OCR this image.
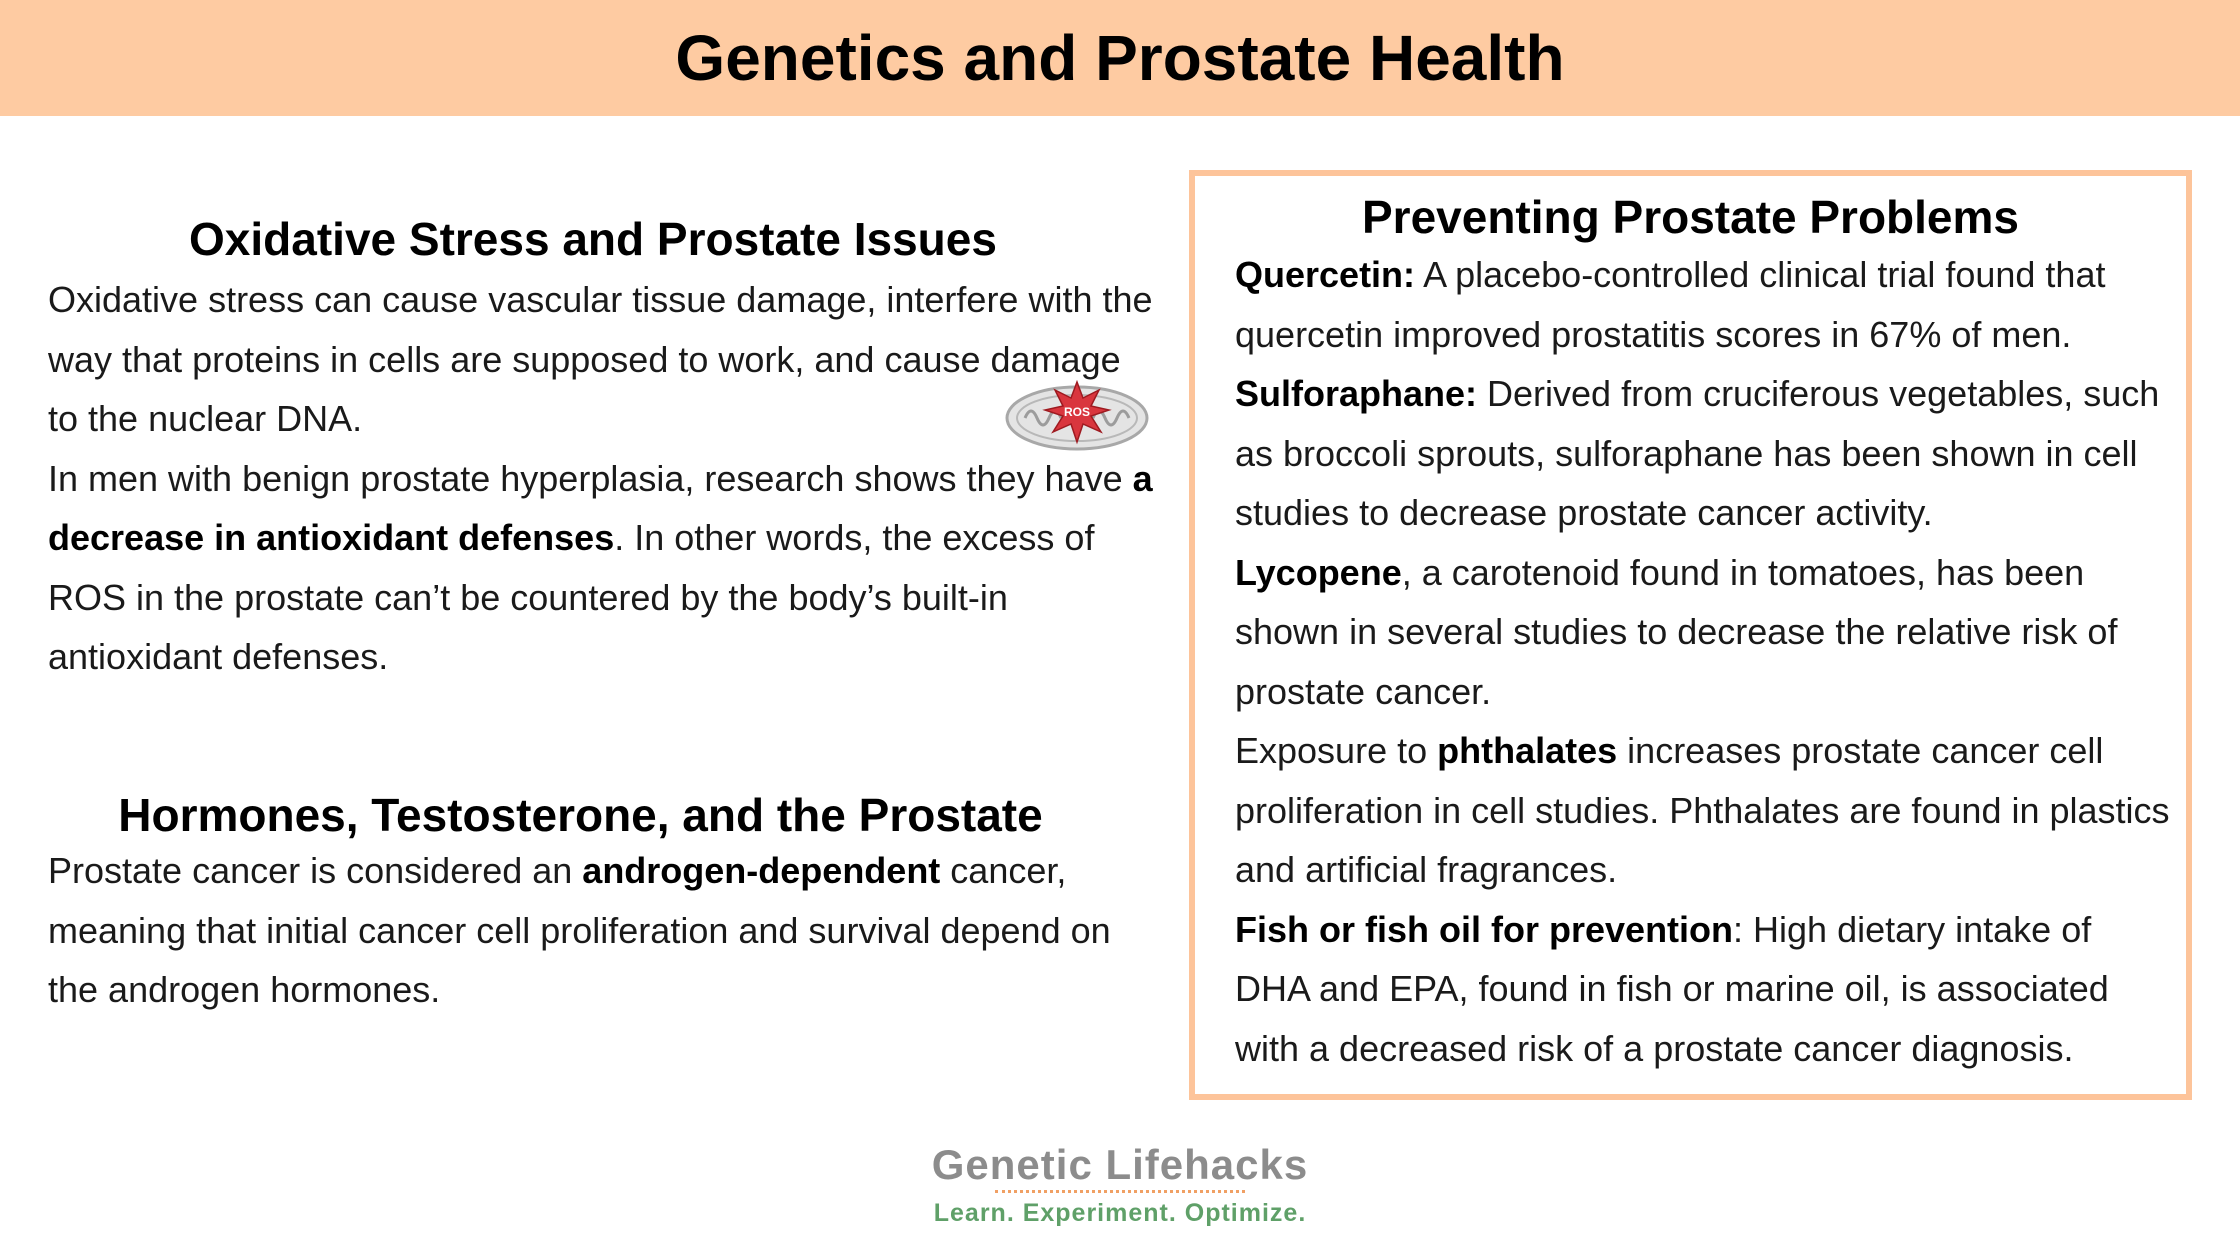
Genetics and Prostate Health
Oxidative Stress and Prostate Issues

Oxidative stress can cause vascular tissue damage, interfere with the way that proteins in cells are supposed to work, and cause damage to the nuclear DNA.

In men with benign prostate hyperplasia, research shows they have a decrease in antioxidant defenses. In other words, the excess of ROS in the prostate can’t be countered by the body’s built-in antioxidant defenses.

ROS
Hormones, Testosterone, and the Prostate

Prostate cancer is considered an androgen-dependent cancer, meaning that initial cancer cell proliferation and survival depend on the androgen hormones.

Preventing Prostate Problems

Quercetin: A placebo-controlled clinical trial found that quercetin improved prostatitis scores in 67% of men.

Sulforaphane: Derived from cruciferous vegetables, such as broccoli sprouts, sulforaphane has been shown in cell studies to decrease prostate cancer activity.

Lycopene, a carotenoid found in tomatoes, has been shown in several studies to decrease the relative risk of prostate cancer.

Exposure to phthalates increases prostate cancer cell proliferation in cell studies. Phthalates are found in plastics and artificial fragrances.

Fish or fish oil for prevention: High dietary intake of DHA and EPA, found in fish or marine oil, is associated with a decreased risk of a prostate cancer diagnosis.

Genetic Lifehacks
Learn. Experiment. Optimize.
